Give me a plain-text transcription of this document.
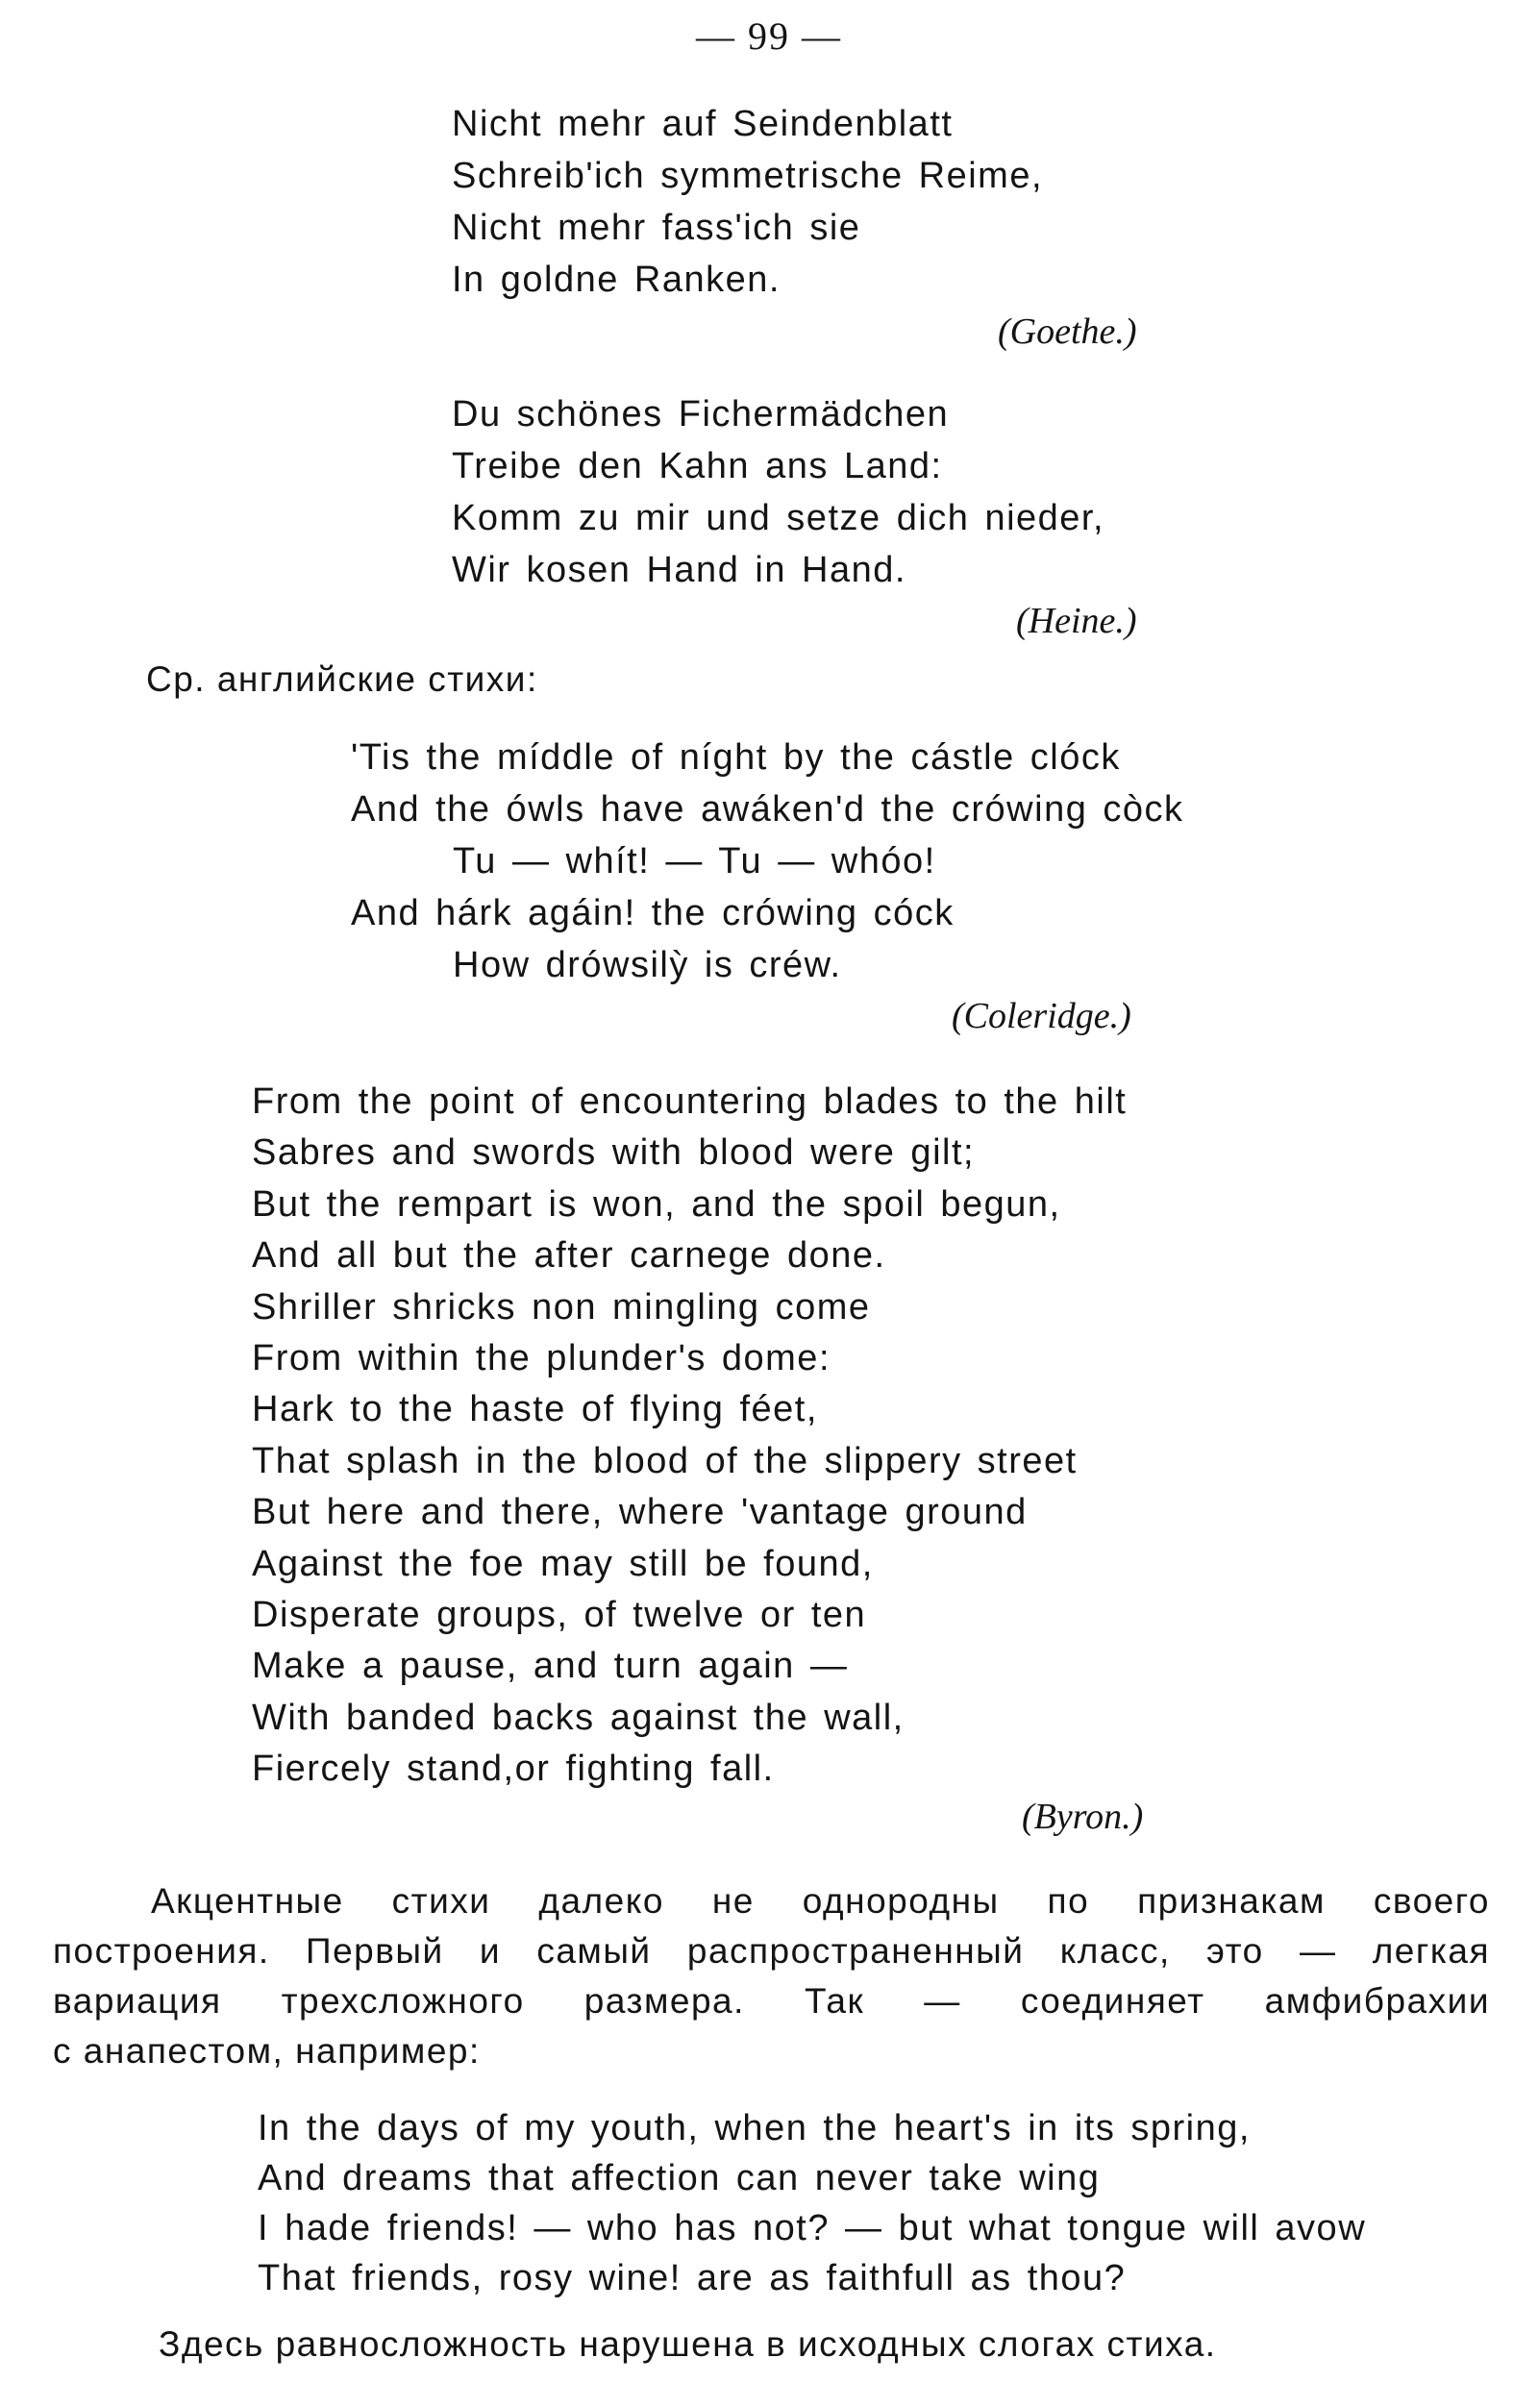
— 99 —
Nicht mehr auf Seindenblatt
Schreib'ich symmetrische Reime,
Nicht mehr fass'ich sie
In goldne Ranken.
(Goethe.)
Du schönes Fichermädchen
Treibe den Kahn ans Land:
Komm zu mir und setze dich nieder,
Wir kosen Hand in Hand.
(Heine.)
Ср. английские стихи:
'Tis the míddle of níght by the cástle clóck
And the ówls have awáken'd the crówing còck
Tu — whít! — Tu — whóo!
And hárk agáin! the crówing cóck
How drówsilỳ is créw.
(Coleridge.)
From the point of encountering blades to the hilt
Sabres and swords with blood were gilt;
But the rempart is won, and the spoil begun,
And all but the after carnege done.
Shriller shricks non mingling come
From within the plunder's dome:
Hark to the haste of flying féet,
That splash in the blood of the slippery street
But here and there, where 'vantage ground
Against the foe may still be found,
Disperate groups, of twelve or ten
Make a pause, and turn again —
With banded backs against the wall,
Fiercely stand,or fighting fall.
(Byron.)
Акцентные стихи далеко не однородны по признакам своего
построения. Первый и самый распространенный класс, это — легкая
вариация трехсложного размера. Так — соединяет амфибрахии
с анапестом, например:
In the days of my youth, when the heart's in its spring,
And dreams that affection can never take wing
I hade friends! — who has not? — but what tongue will avow
That friends, rosy wine! are as faithfull as thou?
Здесь равносложность нарушена в исходных слогах стиха.
